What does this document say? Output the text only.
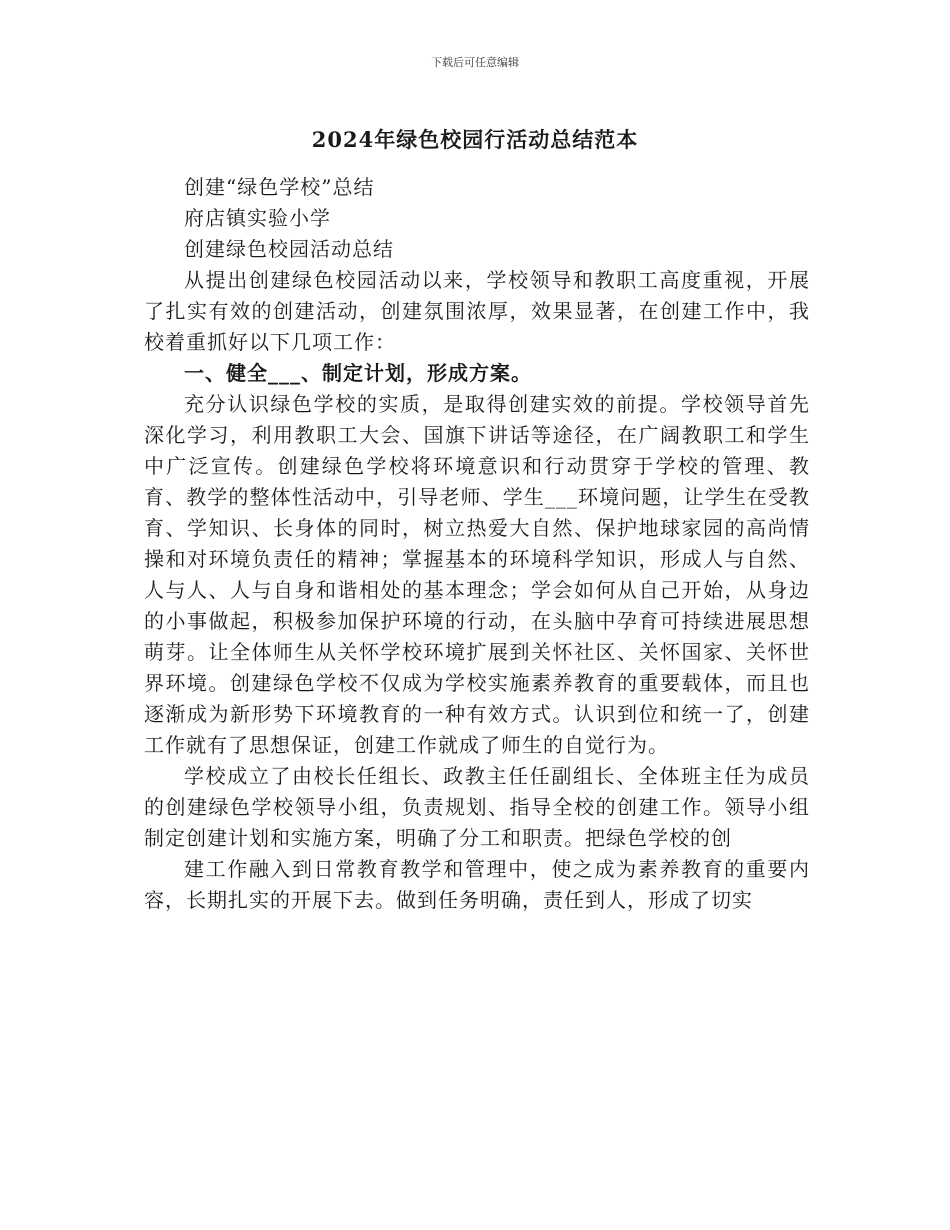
下载后可任意编辑
2024年绿色校园行活动总结范本

创建“绿色学校”总结

府店镇实验小学

创建绿色校园活动总结

从提出创建绿色校园活动以来，学校领导和教职工高度重视，开展了扎实有效的创建活动，创建氛围浓厚，效果显著，在创建工作中，我校着重抓好以下几项工作：

一、健全___、制定计划，形成方案。

充分认识绿色学校的实质，是取得创建实效的前提。学校领导首先深化学习，利用教职工大会、国旗下讲话等途径，在广阔教职工和学生中广泛宣传。创建绿色学校将环境意识和行动贯穿于学校的管理、教育、教学的整体性活动中，引导老师、学生___环境问题，让学生在受教育、学知识、长身体的同时，树立热爱大自然、保护地球家园的高尚情操和对环境负责任的精神；掌握基本的环境科学知识，形成人与自然、人与人、人与自身和谐相处的基本理念；学会如何从自己开始，从身边的小事做起，积极参加保护环境的行动，在头脑中孕育可持续进展思想萌芽。让全体师生从关怀学校环境扩展到关怀社区、关怀国家、关怀世界环境。创建绿色学校不仅成为学校实施素养教育的重要载体，而且也逐渐成为新形势下环境教育的一种有效方式。认识到位和统一了，创建工作就有了思想保证，创建工作就成了师生的自觉行为。

学校成立了由校长任组长、政教主任任副组长、全体班主任为成员的创建绿色学校领导小组，负责规划、指导全校的创建工作。领导小组制定创建计划和实施方案，明确了分工和职责。把绿色学校的创

建工作融入到日常教育教学和管理中，使之成为素养教育的重要内容，长期扎实的开展下去。做到任务明确，责任到人，形成了切实
